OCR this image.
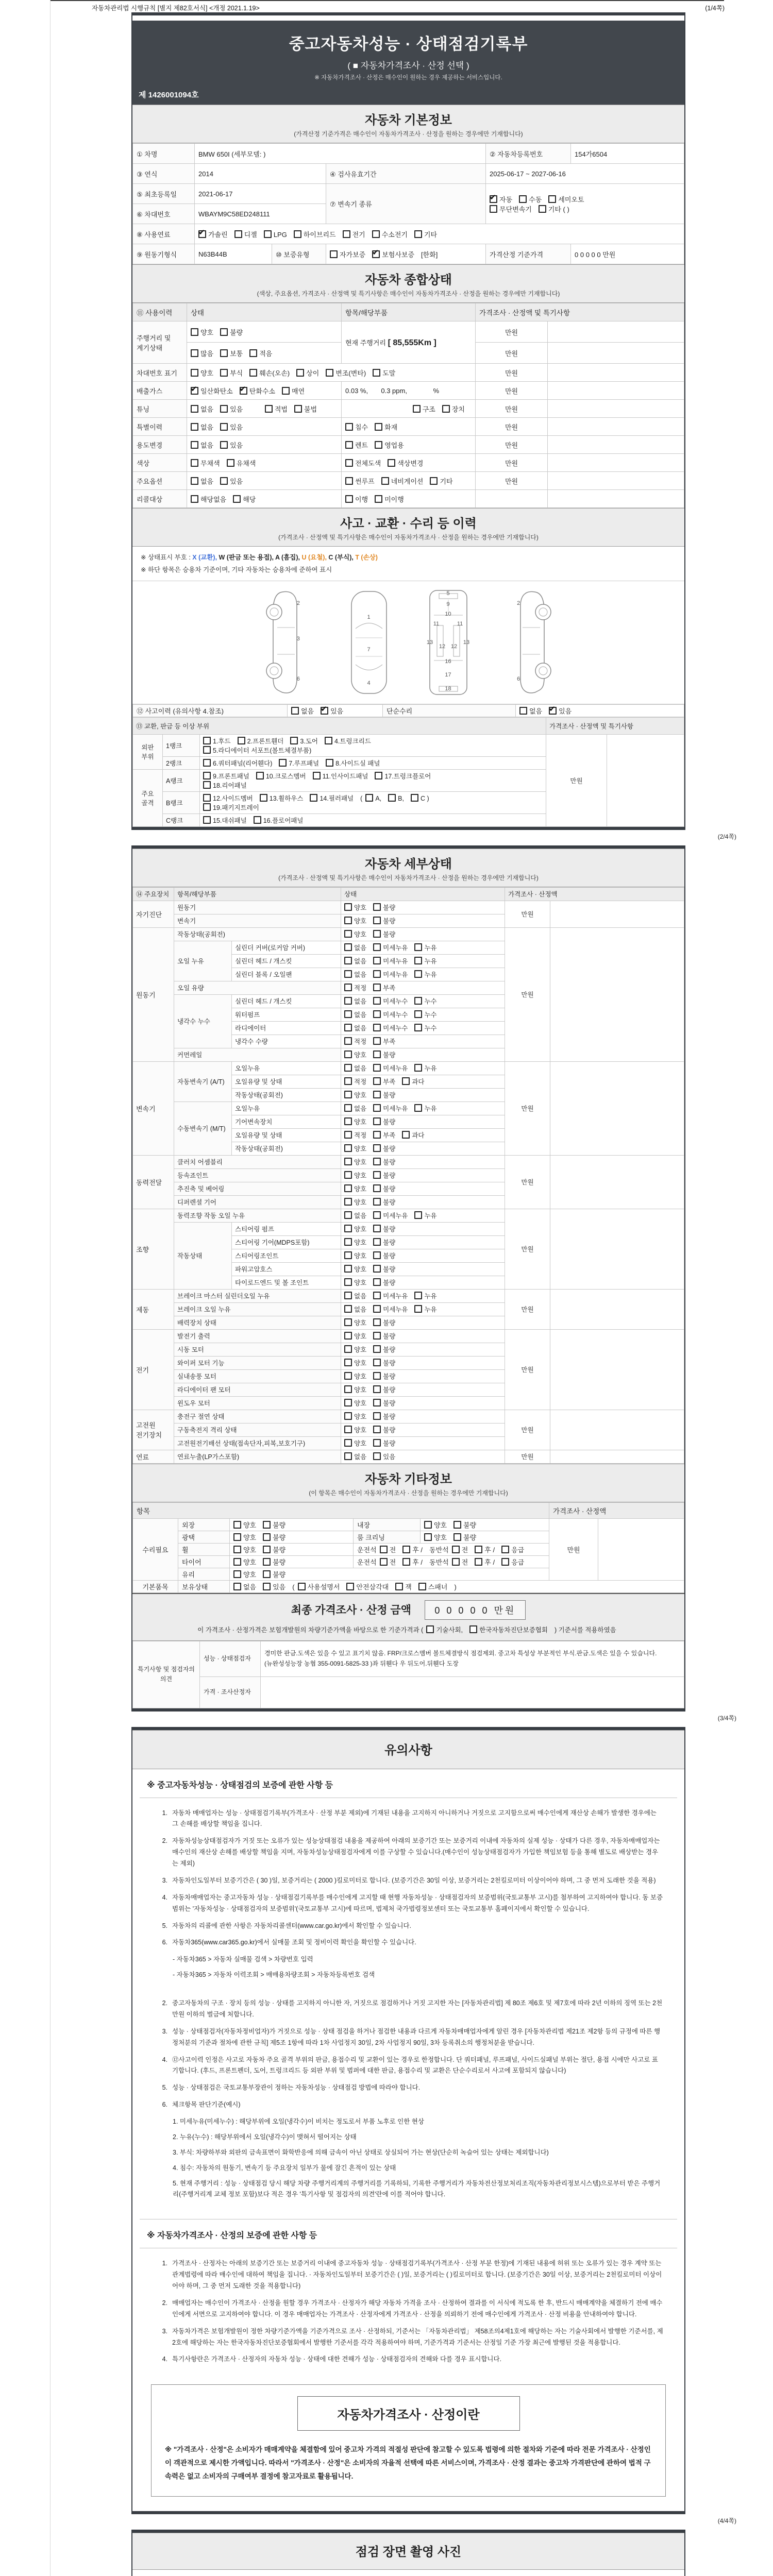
자동차관리법 시행규칙 [별지 제82호서식] <개정 2021.1.19>	(1/4쪽)
중고자동차성능 · 상태점검기록부
( ■ 자동차가격조사 · 산정 선택 )
※ 자동차가격조사 · 산정은 매수인이 원하는 경우 제공하는 서비스입니다.
제 1426001094호
자동차 기본정보
(가격산정 기준가격은 매수인이 자동차가격조사 · 산정을 원하는 경우에만 기재합니다)
① 차명	BMW 650I (세부모델: )			② 자동차등록번호	154가6504
③ 연식	2014		④ 검사유효기간	2025-06-17 ~ 2027-06-16	
⑤ 최초등록일	2021-06-17		⑦ 변속기 종류	✔자동 수동 세미오토
무단변속기 기타 ( )
⑥ 차대번호	WBAYM9C58ED248111				
⑧ 사용연료	✔가솔린 디젤 LPG 하이브리드 전기 수소전기 기타
⑨ 원동기형식	N63B44B	⑩ 보증유형	자가보증 ✔ 보험사보증 [한화]	가격산정 기준가격	0 0 0 0 0 만원
자동차 종합상태
(색상, 주요옵션, 가격조사 · 산정액 및 특기사항은 매수인이 자동차가격조사 · 산정을 원하는 경우에만 기재합니다)
⑪ 사용이력	상태	항목/해당부품	가격조사 · 산정액 및 특기사항	
주행거리 및 계기상태	양호 불량	현재 주행거리 [ 85,555Km ]	만원	
	많음 보통 적음		만원	
차대번호 표기	양호 부식 훼손(오손) 상이 변조(변타) 도말		만원	
배출가스	✔일산화탄소 ✔ 탄화수소 매연	0.03 %,       0.3 ppm,              %	만원	
튜닝	없음 있음 적법 불법	구조 장치	만원	
특별이력	없음 있음	침수 화재	만원	
용도변경	없음 있음	렌트 영업용	만원	
색상	무채색 유채색	전체도색 색상변경	만원	
주요옵션	없음 있음	썬루프 네비게이션 기타	만원	
리콜대상	해당없음 해당	이행 미이행		
사고 · 교환 · 수리 등 이력
(가격조사 · 산정액 및 특기사항은 매수인이 자동차가격조사 · 산정을 원하는 경우에만 기재합니다)
※ 상태표시 부호 : X (교환), W (판금 또는 용접), A (흠집), U (요철), C (부식), T (손상)
※ 하단 항목은 승용차 기준이며, 기타 자동차는 승용차에 준하여 표시
2
3
6
1
7
4
5
9
10
11	11
13	13
12 12
16
17
18
2
6
⑫ 사고이력 (유의사항 4.참조)	없음 ✔ 있음	단순수리	없음 ✔ 있음
⑬ 교환, 판금 등 이상 부위			가격조사 · 산정액 및 특기사항	
외판 부위	1랭크	1.후드 2.프론트휀더 3.도어 4.트렁크리드
5.라디에이터 서포트(볼트체결부품)	만원	
	2랭크	6.쿼터패널(리어휀다) 7.루프패널 8.사이드실 패널		
주요 골격	A랭크	9.프론트패널 10.크로스멤버 11.인사이드패널 17.트렁크플로어
18.리어패널		
	B랭크	12.사이드멤버 13.휠하우스 14.필러패널 ( A, B, C )
19.패키지트레이		
	C랭크	15.대쉬패널 16.플로어패널		
(2/4쪽)
자동차 세부상태
(가격조사 · 산정액 및 특기사항은 매수인이 자동차가격조사 · 산정을 원하는 경우에만 기재합니다)
⑭ 주요장치	항목/해당부품		상태	가격조사 · 산정액	
자기진단	원동기		양호 불량	만원	
	변속기		양호 불량		
원동기	작동상태(공회전)		양호 불량	만원	
	오일 누유	실린더 커버(로커암 커버)	없음 미세누유 누유		
		실린더 헤드 / 개스킷	없음 미세누유 누유		
		실린더 블록 / 오일팬	없음 미세누유 누유		
	오일 유량		적정 부족		
	냉각수 누수	실린더 헤드 / 개스킷	없음 미세누수 누수		
		워터펌프	없음 미세누수 누수		
		라디에이터	없음 미세누수 누수		
		냉각수 수량	적정 부족		
	커먼레일		양호 불량		
변속기	자동변속기 (A/T)	오일누유	없음 미세누유 누유	만원	
		오일유량 및 상태	적정 부족 과다		
		작동상태(공회전)	양호 불량		
	수동변속기 (M/T)	오일누유	없음 미세누유 누유		
		기어변속장치	양호 불량		
		오일유량 및 상태	적정 부족 과다		
		작동상태(공회전)	양호 불량		
동력전달	클러치 어셈블리		양호 불량	만원	
	등속죠인트		양호 불량		
	추진축 및 베어링		양호 불량		
	디퍼렌셜 기어		양호 불량		
조향	동력조향 작동 오일 누유		없음 미세누유 누유	만원	
	작동상태	스티어링 펌프	양호 불량		
		스티어링 기어(MDPS포함)	양호 불량		
		스티어링조인트	양호 불량		
		파워고압호스	양호 불량		
		타이로드엔드 및 볼 조인트	양호 불량		
제동	브레이크 마스터 실린더오일 누유		없음 미세누유 누유	만원	
	브레이크 오일 누유		없음 미세누유 누유		
	배력장치 상태		양호 불량		
전기	발전기 출력		양호 불량	만원	
	시동 모터		양호 불량		
	와이퍼 모터 기능		양호 불량		
	실내송풍 모터		양호 불량		
	라디에이터 팬 모터		양호 불량		
	윈도우 모터		양호 불량		
고전원 전기장치	충전구 절연 상태		양호 불량	만원	
	구동축전지 격리 상태		양호 불량		
	고전원전기배선 상태(접속단자,피복,보호기구)		양호 불량		
연료	연료누출(LP가스포함)		없음 있음	만원	
자동차 기타정보
(이 항목은 매수인이 자동차가격조사 · 산정을 원하는 경우에만 기재합니다)
항목					가격조사 · 산정액	
수리필요	외장	양호 불량	내장	양호 불량	만원	
	광택	양호 불량	룸 크리닝	양호 불량		
	휠	양호 불량	운전석 전 후 / 동반석 전 후 / 응급			
	타이어	양호 불량	운전석 전 후 / 동반석 전 후 / 응급			
	유리	양호 불량				
기본품목	보유상태	없음 있음 ( 사용설명서 안전삼각대 잭 스패너 )				
최종 가격조사 · 산정 금액	0 0 0 0 0 만원
이 가격조사 · 산정가격은 보험개발원의 차량기준가액을 바탕으로 한 기준가격과 ( 기술사회,	한국자동차진단보증협회 ) 기준서를 적용하였음
특기사항 및 점검자의 의견	성능 · 상태점검자	경미한 판금.도색은 있을 수 있고 표기치 않음. FRP/크로스멤버 볼트체결방식 점검제외. 중고차 특성상 부분적인 부식.판금.도색은 있을 수 있습니다. (뉴완성성능장 농협 355-0091-5825-33 )좌 뒤휀다 우 뒤도어.뒤휀다 도장
	가격 · 조사산정자	
(3/4쪽)
유의사항
※ 중고자동차성능 · 상태점검의 보증에 관한 사항 등
1. 자동차 매매업자는 성능 · 상태점검기록부(가격조사 · 산정 부분 제외)에 기재된 내용을 고지하지 아니하거나 거짓으로 고지함으로써 매수인에게 재산상 손해가 발생한 경우에는 그 손해를 배상할 책임을 집니다.
2. 자동차성능상태점검자가 거짓 또는 오류가 있는 성능상태점검 내용을 제공하여 아래의 보증기간 또는 보증거리 이내에 자동차의 실제 성능 · 상태가 다른 경우, 자동차매매업자는 매수인의 재산상 손해를 배상할 책임을 지며, 자동차성능상태점검자에게 이를 구상할 수 있습니다.(매수인이 성능상태점검자가 가입한 책임보험 등을 통해 별도로 배상받는 경우는 제외)
3. 자동차인도일부터 보증기간은 ( 30 )일, 보증거리는 ( 2000 )킬로미터로 합니다. (보증기간은 30일 이상, 보증거리는 2천킬로미터 이상이어야 하며, 그 중 먼저 도래한 것을 적용)
4. 자동차매매업자는 중고자동차 성능 · 상태점검기록부를 매수인에게 고지할 때 현행 자동차성능 · 상태점검자의 보증범위(국토교통부 고시)를 첨부하여 고지하여야 합니다. 동 보증범위는 '자동차성능 · 상태점검자의 보증범위'(국토교통부 고시)에 따르며, 법제처 국가법령정보센터 또는 국토교통부 홈페이지에서 확인할 수 있습니다.
5. 자동차의 리콜에 관한 사항은 자동차리콜센터(www.car.go.kr)에서 확인할 수 있습니다.
6. 자동차365(www.car365.go.kr)에서 실매물 조회 및 정비이력 확인을 확인할 수 있습니다.
- 자동차365 > 자동차 실매물 검색 > 차량번호 입력
- 자동차365 > 자동차 이력조회 > 매매용차량조회 > 자동차등록번호 검색
2. 중고자동차의 구조 · 장치 등의 성능 · 상태를 고지하지 아니한 자, 거짓으로 점검하거나 거짓 고지한 자는 [자동차관리법] 제 80조 제6호 및 제7호에 따라 2년 이하의 징역 또는 2천만원 이하의 벌금에 처합니다.
3. 성능 · 상태점검자(자동차정비업자)가 거짓으로 성능 · 상태 점검을 하거나 점검한 내용과 다르게 자동차매매업자에게 알린 경우 [자동차관리법 제21조 제2항 등의 규정에 따른 행정처분의 기준과 절차에 관한 규칙] 제5조 1항에 따라 1차 사업정지 30일, 2차 사업정지 90일, 3차 등록취소의 행정처분을 받습니다.
4. ⑫사고이력 인정은 사고로 자동차 주요 골격 부위의 판금, 용접수리 및 교환이 있는 경우로 한정합니다. 단 쿼터패널, 루프패널, 사이드실패널 부위는 절단, 용접 시에만 사고로 표기합니다. (후드, 프론트펜더, 도어, 트렁크리드 등 외판 부위 및 범퍼에 대한 판금, 용접수리 및 교환은 단순수리로서 사고에 포함되지 않습니다)
5. 성능 · 상태점검은 국토교통부장관이 정하는 자동차성능 · 상태점검 방법에 따라야 합니다.
6. 체크항목 판단기준(예시)
1. 미세누유(미세누수) : 해당부위에 오일(냉각수)이 비치는 정도로서 부품 노후로 인한 현상
2. 누유(누수) : 해당부위에서 오일(냉각수)이 맺혀서 떨어지는 상태
3. 부식: 차량하부와 외판의 금속표면이 화학반응에 의해 금속이 아닌 상태로 상실되어 가는 현상(단순히 녹슬어 있는 상태는 제외합니다)
4. 침수: 자동차의 원동기, 변속기 등 주요장치 일부가 물에 잠긴 흔적이 있는 상태
5. 현재 주행거리 : 성능 · 상태점검 당시 해당 차량 주행거리계의 주행거리를 기록하되, 기록한 주행거리가 자동차전산정보처리조직(자동차관리정보시스템)으로부터 받은 주행거리(주행거리계 교체 정보 포함)보다 적은 경우 '특기사항 및 점검자의 의견'란에 이를 적어야 합니다.
※ 자동차가격조사 · 산정의 보증에 관한 사항 등
1. 가격조사 · 산정자는 아래의 보증기간 또는 보증거리 이내에 중고자동차 성능 · 상태점검기록부(가격조사 · 산정 부분 한정)에 기재된 내용에 허위 또는 오류가 있는 경우 계약 또는 관계법령에 따라 매수인에 대하여 책임을 집니다. · 자동차인도일부터 보증기간은 ( )일, 보증거리는 ( )킬로미터로 합니다. (보증기간은 30일 이상, 보증거리는 2천킬로미터 이상이어야 하며, 그 중 먼저 도래한 것을 적용합니다)
2. 매매업자는 매수인이 가격조사 · 산정을 원할 경우 가격조사 · 산정자가 해당 자동차 가격을 조사 · 산정하여 결과를 이 서식에 적도록 한 후, 반드시 매매계약을 체결하기 전에 매수인에게 서면으로 고지하여야 합니다. 이 경우 매매업자는 가격조사 · 산정자에게 가격조사 · 산정을 의뢰하기 전에 매수인에게 가격조사 · 산정 비용을 안내하여야 합니다.
3. 자동차가격은 보험개발원이 정한 차량기준가액을 기준가격으로 조사 · 산정하되, 기준서는 「자동차관리법」 제58조의4제1호에 해당하는 자는 기술사회에서 발행한 기준서를, 제2호에 해당하는 자는 한국자동차진단보증협회에서 발행한 기준서를 각각 적용하여야 하며, 기준가격과 기준서는 산정일 기준 가장 최근에 발행된 것을 적용합니다.
4. 특기사항란은 가격조사 · 산정자의 자동차 성능 · 상태에 대한 견해가 성능 · 상태점검자의 견해와 다를 경우 표시합니다.
자동차가격조사 · 산정이란
※ "가격조사 · 산정"은 소비자가 매매계약을 체결함에 있어 중고차 가격의 적절성 판단에 참고할 수 있도록 법령에 의한 절차와 기준에 따라 전문 가격조사 · 산정인이 객관적으로 제시한 가액입니다. 따라서 "가격조사 · 산정"은 소비자의 자율적 선택에 따른 서비스이며, 가격조사 · 산정 결과는 중고차 가격판단에 관하여 법적 구속력은 없고 소비자의 구매여부 결정에 참고자료로 활용됩니다.
(4/4쪽)
점검 장면 촬영 사진
